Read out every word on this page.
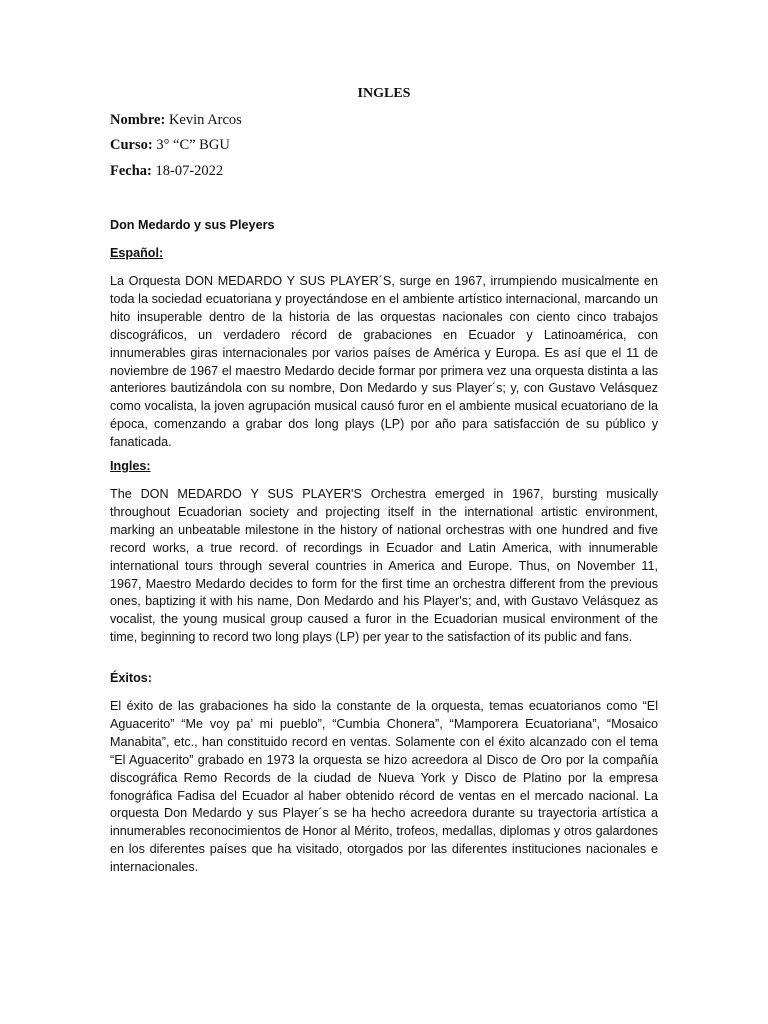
INGLES
Nombre: Kevin Arcos
Curso: 3° “C” BGU
Fecha: 18-07-2022
Don Medardo y sus Pleyers
Español:

La Orquesta DON MEDARDO Y SUS PLAYER´S, surge en 1967, irrumpiendo musicalmente en toda la sociedad ecuatoriana y proyectándose en el ambiente artístico internacional, marcando un hito insuperable dentro de la historia de las orquestas nacionales con ciento cinco trabajos discográficos, un verdadero récord de grabaciones en Ecuador y Latinoamérica, con innumerables giras internacionales por varios países de América y Europa. Es así que el 11 de noviembre de 1967 el maestro Medardo decide formar por primera vez una orquesta distinta a las anteriores bautizándola con su nombre, Don Medardo y sus Player´s; y, con Gustavo Velásquez como vocalista, la joven agrupación musical causó furor en el ambiente musical ecuatoriano de la época, comenzando a grabar dos long plays (LP) por año para satisfacción de su público y fanaticada.

Ingles:

The DON MEDARDO Y SUS PLAYER'S Orchestra emerged in 1967, bursting musically throughout Ecuadorian society and projecting itself in the international artistic environment, marking an unbeatable milestone in the history of national orchestras with one hundred and five record works, a true record. of recordings in Ecuador and Latin America, with innumerable international tours through several countries in America and Europe. Thus, on November 11, 1967, Maestro Medardo decides to form for the first time an orchestra different from the previous ones, baptizing it with his name, Don Medardo and his Player's; and, with Gustavo Velásquez as vocalist, the young musical group caused a furor in the Ecuadorian musical environment of the time, beginning to record two long plays (LP) per year to the satisfaction of its public and fans.

Éxitos:

El éxito de las grabaciones ha sido la constante de la orquesta, temas ecuatorianos como “El Aguacerito” “Me voy pa’ mi pueblo”, “Cumbia Chonera”, “Mamporera Ecuatoriana”, “Mosaico Manabita”, etc., han constituido record en ventas. Solamente con el éxito alcanzado con el tema “El Aguacerito” grabado en 1973 la orquesta se hizo acreedora al Disco de Oro por la compañía discográfica Remo Records de la ciudad de Nueva York y Disco de Platino por la empresa fonográfica Fadisa del Ecuador al haber obtenido récord de ventas en el mercado nacional. La orquesta Don Medardo y sus Player´s se ha hecho acreedora durante su trayectoria artística a innumerables reconocimientos de Honor al Mérito, trofeos, medallas, diplomas y otros galardones en los diferentes países que ha visitado, otorgados por las diferentes instituciones nacionales e internacionales.
